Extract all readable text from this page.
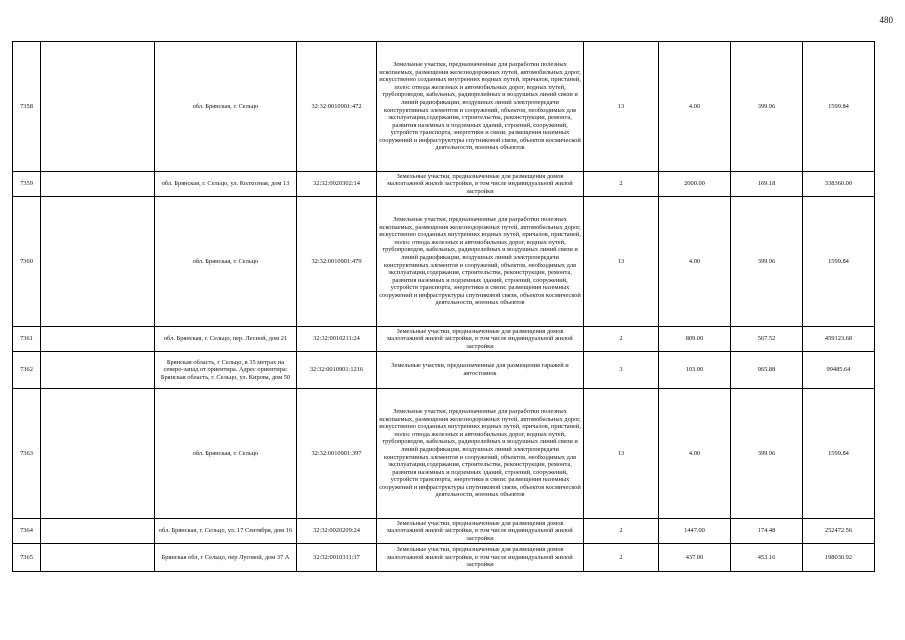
480
7358		обл. Брянская, г. Сельцо	32:32:0010901:472	Земельные участки, предназначенные для разработки полезных ископаемых, размещения железнодорожных путей, автомобильных дорог, искусственно созданных внутренних водных путей, причалов, пристаней, полос отвода железных и автомобильных дорог, водных путей, трубопроводов, кабельных, радиорелейных и воздушных линий связи и линий радиофикации, воздушных линий электропередачи конструктивных элементов и сооружений, объектов, необходимых для эксплуатации,содержания, строительства, реконструкции, ремонта, развития наземных и подземных зданий, строений, сооружений, устройств транспорта, энергетики и связи; размещения наземных сооружений и инфраструктуры спутниковой связи, объектов космической деятельности, военных объектов	13	4.00	399.96	1599.84
7359		обл. Брянская, г. Сельцо, ул. Колхозная, дом 13	32:32:0020302:14	Земельные участки, предназначенные для размещения домов малоэтажной жилой застройки, в том числе индивидуальной жилой застройки	2	2000.00	169.18	338360.00
7360		обл. Брянская, г. Сельцо	32:32:0010901:479	Земельные участки, предназначенные для разработки полезных ископаемых, размещения железнодорожных путей, автомобильных дорог, искусственно созданных внутренних водных путей, причалов, пристаней, полос отвода железных и автомобильных дорог, водных путей, трубопроводов, кабельных, радиорелейных и воздушных линий связи и линий радиофикации, воздушных линий электропередачи конструктивных элементов и сооружений, объектов, необходимых для эксплуатации,содержания, строительства, реконструкции, ремонта, развития наземных и подземных зданий, строений, сооружений, устройств транспорта, энергетики и связи; размещения наземных сооружений и инфраструктуры спутниковой связи, объектов космической деятельности, военных объектов	13	4.00	399.96	1599.84
7361		обл. Брянская, г. Сельцо, пер. Лесной, дом 21	32:32:0010211:24	Земельные участки, предназначенные для размещения домов малоэтажной жилой застройки, в том числе индивидуальной жилой застройки	2	809.00	567.52	459123.68
7362		Брянская область, г Сельцо, в 35 метрах на северо-запад от ориентира. Адрес ориентира: Брянская область, г. Сельцо, ул. Кирова, дом 50	32:32:0010901:1216	Земельные участки, предназначенные для размещения гаражей и автостоянок	3	103.00	965.88	99485.64
7363		обл. Брянская, г. Сельцо	32:32:0010901:397	Земельные участки, предназначенные для разработки полезных ископаемых, размещения железнодорожных путей, автомобильных дорог, искусственно созданных внутренних водных путей, причалов, пристаней, полос отвода железных и автомобильных дорог, водных путей, трубопроводов, кабельных, радиорелейных и воздушных линий связи и линий радиофикации, воздушных линий электропередачи конструктивных элементов и сооружений, объектов, необходимых для эксплуатации,содержания, строительства, реконструкции, ремонта, развития наземных и подземных зданий, строений, сооружений, устройств транспорта, энергетики и связи; размещения наземных сооружений и инфраструктуры спутниковой связи, объектов космической деятельности, военных объектов	13	4.00	399.96	1599.84
7364		обл. Брянская, г. Сельцо, ул. 17 Сентября, дом 16	32:32:0020209:24	Земельные участки, предназначенные для размещения домов малоэтажной жилой застройки, в том числе индивидуальной жилой застройки	2	1447.00	174.48	252472.56
7365		Брянская обл, г Сельцо, пер Луговой, дом 37 А	32:32:0010311:37	Земельные участки, предназначенные для размещения домов малоэтажной жилой застройки, в том числе индивидуальной жилой застройки	2	437.00	453.16	198030.92
